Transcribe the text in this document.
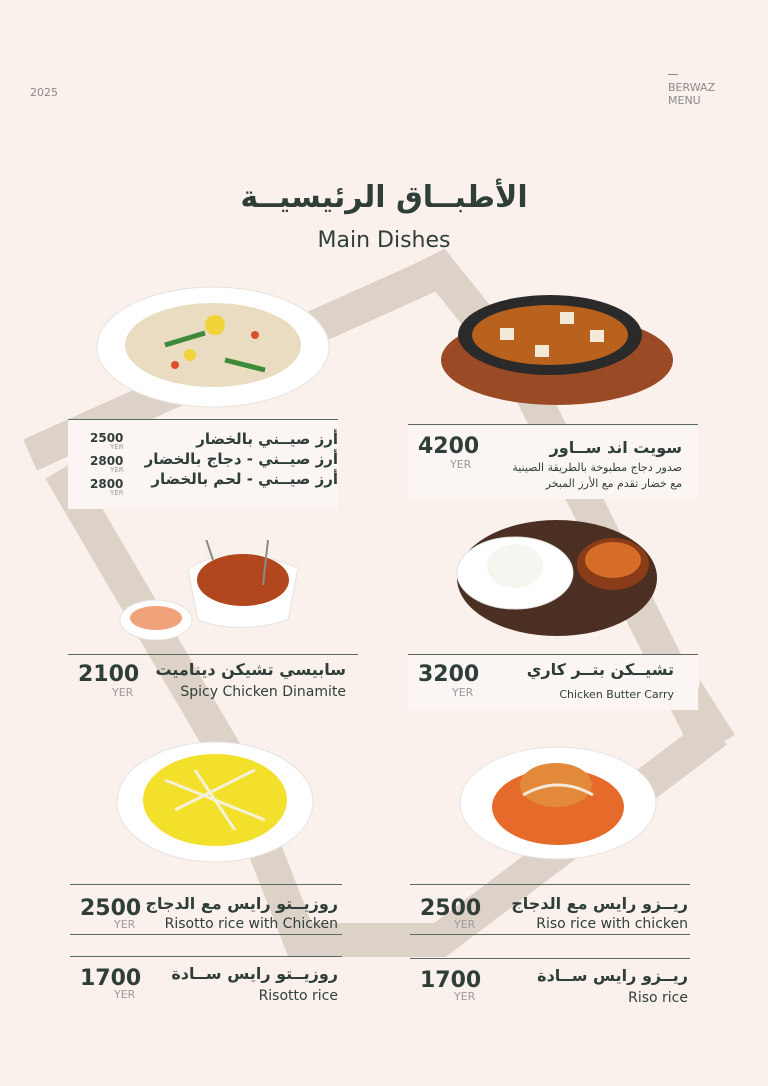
2025	BERWAZ
MENU
الأطبــاق الرئيسيــة
Main Dishes
أرز صيــني بالخضار
2500
YER
أرز صيــني - دجاج بالخضار
2800
YER أرز صيــني - لحم بالخضار
2800
YER
4200
YER
سويت اند ســاور
صدور دجاج مطبوخة بالطريقة الصينية
مع خضار تقدم مع الأرز المبخر
2100
YER
سابيسي تشيكن ديناميت
Spicy Chicken Dinamite
3200
YER
تشيــكن بتــر كاري
Chicken Butter Carry
2500
YER
روزيــتو رايس مع الدجاج
Risotto rice with Chicken
2500
YER
ريــزو رايس مع الدجاج
Riso rice with chicken
1700
YER
روزيــتو رايس ســادة
Risotto rice
1700
YER
ريــزو رايس ســادة
Riso rice
